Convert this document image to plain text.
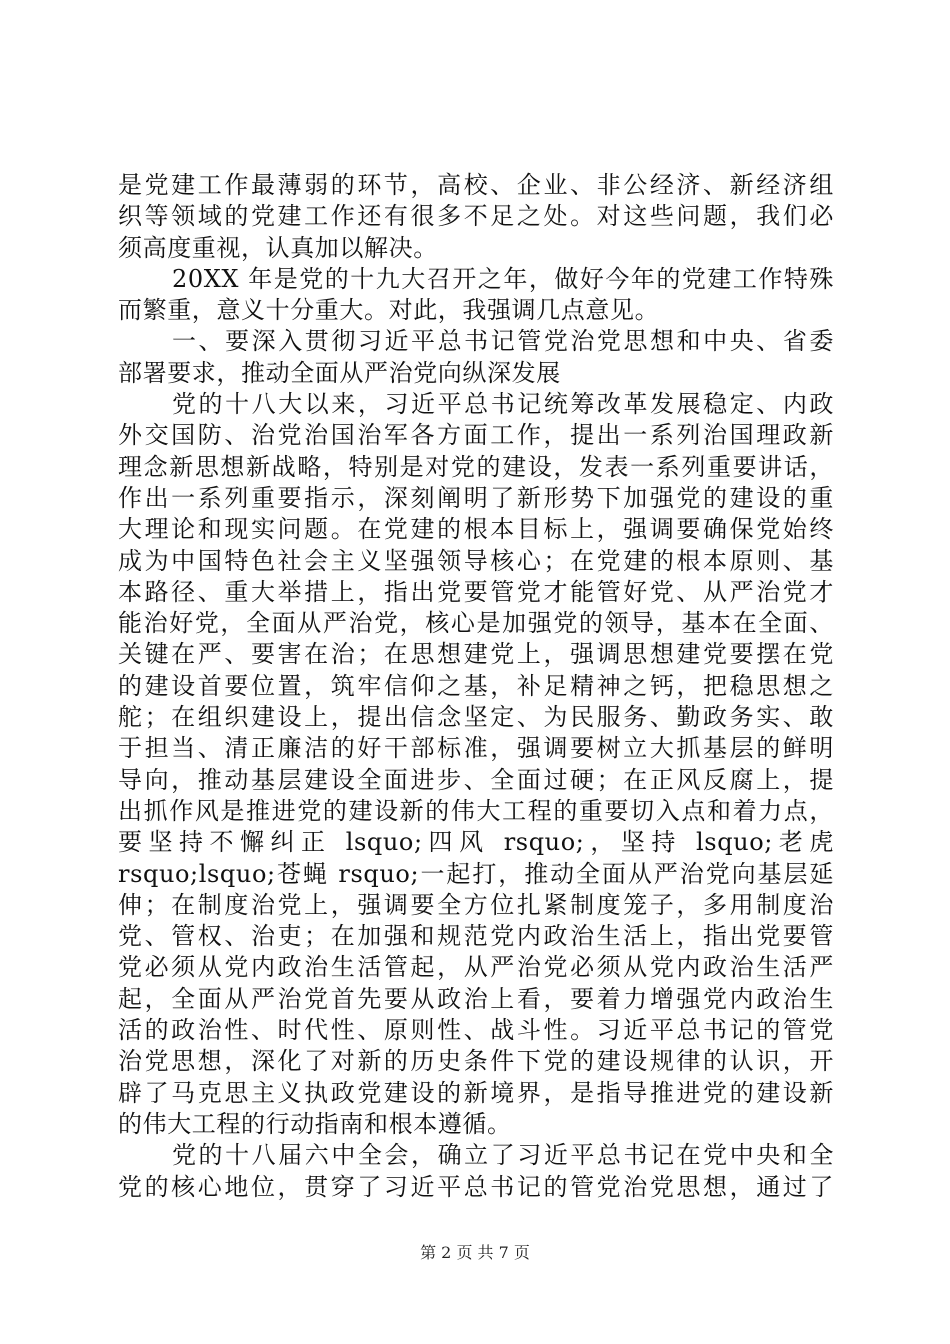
是党建工作最薄弱的环节，高校、企业、非公经济、新经济组
织等领域的党建工作还有很多不足之处。对这些问题，我们必
须高度重视，认真加以解决。
20XX 年是党的十九大召开之年，做好今年的党建工作特殊
而繁重，意义十分重大。对此，我强调几点意见。
一、要深入贯彻习近平总书记管党治党思想和中央、省委
部署要求，推动全面从严治党向纵深发展
党的十八大以来，习近平总书记统筹改革发展稳定、内政
外交国防、治党治国治军各方面工作，提出一系列治国理政新
理念新思想新战略，特别是对党的建设，发表一系列重要讲话，
作出一系列重要指示，深刻阐明了新形势下加强党的建设的重
大理论和现实问题。在党建的根本目标上，强调要确保党始终
成为中国特色社会主义坚强领导核心；在党建的根本原则、基
本路径、重大举措上，指出党要管党才能管好党、从严治党才
能治好党，全面从严治党，核心是加强党的领导，基本在全面、
关键在严、要害在治；在思想建党上，强调思想建党要摆在党
的建设首要位置，筑牢信仰之基，补足精神之钙，把稳思想之
舵；在组织建设上，提出信念坚定、为民服务、勤政务实、敢
于担当、清正廉洁的好干部标准，强调要树立大抓基层的鲜明
导向，推动基层建设全面进步、全面过硬；在正风反腐上，提
出抓作风是推进党的建设新的伟大工程的重要切入点和着力点，
要坚持不懈纠正 lsquo;四风 rsquo;，坚持 lsquo;老虎
rsquo;lsquo;苍蝇 rsquo;一起打，推动全面从严治党向基层延
伸；在制度治党上，强调要全方位扎紧制度笼子，多用制度治
党、管权、治吏；在加强和规范党内政治生活上，指出党要管
党必须从党内政治生活管起，从严治党必须从党内政治生活严
起，全面从严治党首先要从政治上看，要着力增强党内政治生
活的政治性、时代性、原则性、战斗性。习近平总书记的管党
治党思想，深化了对新的历史条件下党的建设规律的认识，开
辟了马克思主义执政党建设的新境界，是指导推进党的建设新
的伟大工程的行动指南和根本遵循。
党的十八届六中全会，确立了习近平总书记在党中央和全
党的核心地位，贯穿了习近平总书记的管党治党思想，通过了
第 2 页 共 7 页
